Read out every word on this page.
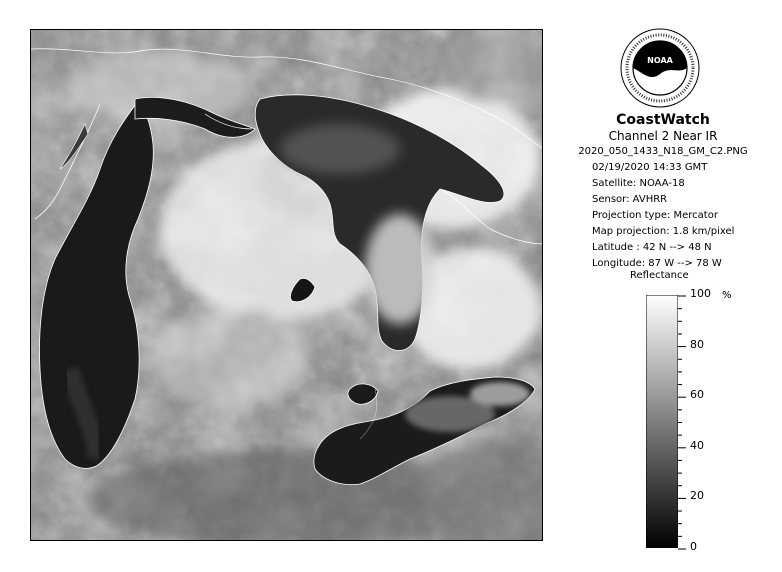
NOAA
CoastWatch
Channel 2 Near IR
2020_050_1433_N18_GM_C2.PNG
02/19/2020 14:33 GMT
Satellite: NOAA-18
Sensor: AVHRR
Projection type: Mercator
Map projection: 1.8 km/pixel
Latitude : 42 N --> 48 N
Longitude: 87 W --> 78 W
Reflectance
%
100
80
60
40
20
0
